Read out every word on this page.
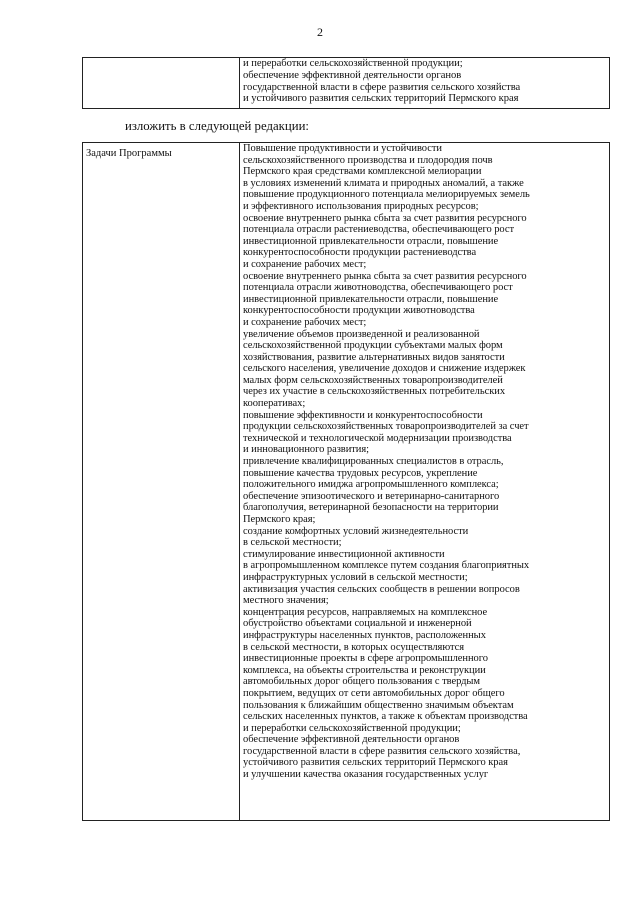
2

и переработки сельскохозяйственной продукции;
обеспечение эффективной деятельности органов
государственной власти в сфере развития сельского хозяйства
и устойчивого развития сельских территорий Пермского края
изложить в следующей редакции:
Задачи Программы	Повышение продуктивности и устойчивости
сельскохозяйственного производства и плодородия почв
Пермского края средствами комплексной мелиорации
в условиях изменений климата и природных аномалий, а также
повышение продукционного потенциала мелиорируемых земель
и эффективного использования природных ресурсов;
освоение внутреннего рынка сбыта за счет развития ресурсного
потенциала отрасли растениеводства, обеспечивающего рост
инвестиционной привлекательности отрасли, повышение
конкурентоспособности продукции растениеводства
и сохранение рабочих мест;
освоение внутреннего рынка сбыта за счет развития ресурсного
потенциала отрасли животноводства, обеспечивающего рост
инвестиционной привлекательности отрасли, повышение
конкурентоспособности продукции животноводства
и сохранение рабочих мест;
увеличение объемов произведенной и реализованной
сельскохозяйственной продукции субъектами малых форм
хозяйствования, развитие альтернативных видов занятости
сельского населения, увеличение доходов и снижение издержек
малых форм сельскохозяйственных товаропроизводителей
через их участие в сельскохозяйственных потребительских
кооперативах;
повышение эффективности и конкурентоспособности
продукции сельскохозяйственных товаропроизводителей за счет
технической и технологической модернизации производства
и инновационного развития;
привлечение квалифицированных специалистов в отрасль,
повышение качества трудовых ресурсов, укрепление
положительного имиджа агропромышленного комплекса;
обеспечение эпизоотического и ветеринарно-санитарного
благополучия, ветеринарной безопасности на территории
Пермского края;
создание комфортных условий жизнедеятельности
в сельской местности;
стимулирование инвестиционной активности
в агропромышленном комплексе путем создания благоприятных
инфраструктурных условий в сельской местности;
активизация участия сельских сообществ в решении вопросов
местного значения;
концентрация ресурсов, направляемых на комплексное
обустройство объектами социальной и инженерной
инфраструктуры населенных пунктов, расположенных
в сельской местности, в которых осуществляются
инвестиционные проекты в сфере агропромышленного
комплекса, на объекты строительства и реконструкции
автомобильных дорог общего пользования с твердым
покрытием, ведущих от сети автомобильных дорог общего
пользования к ближайшим общественно значимым объектам
сельских населенных пунктов, а также к объектам производства
и переработки сельскохозяйственной продукции;
обеспечение эффективной деятельности органов
государственной власти в сфере развития сельского хозяйства,
устойчивого развития сельских территорий Пермского края
и улучшении качества оказания государственных услуг
